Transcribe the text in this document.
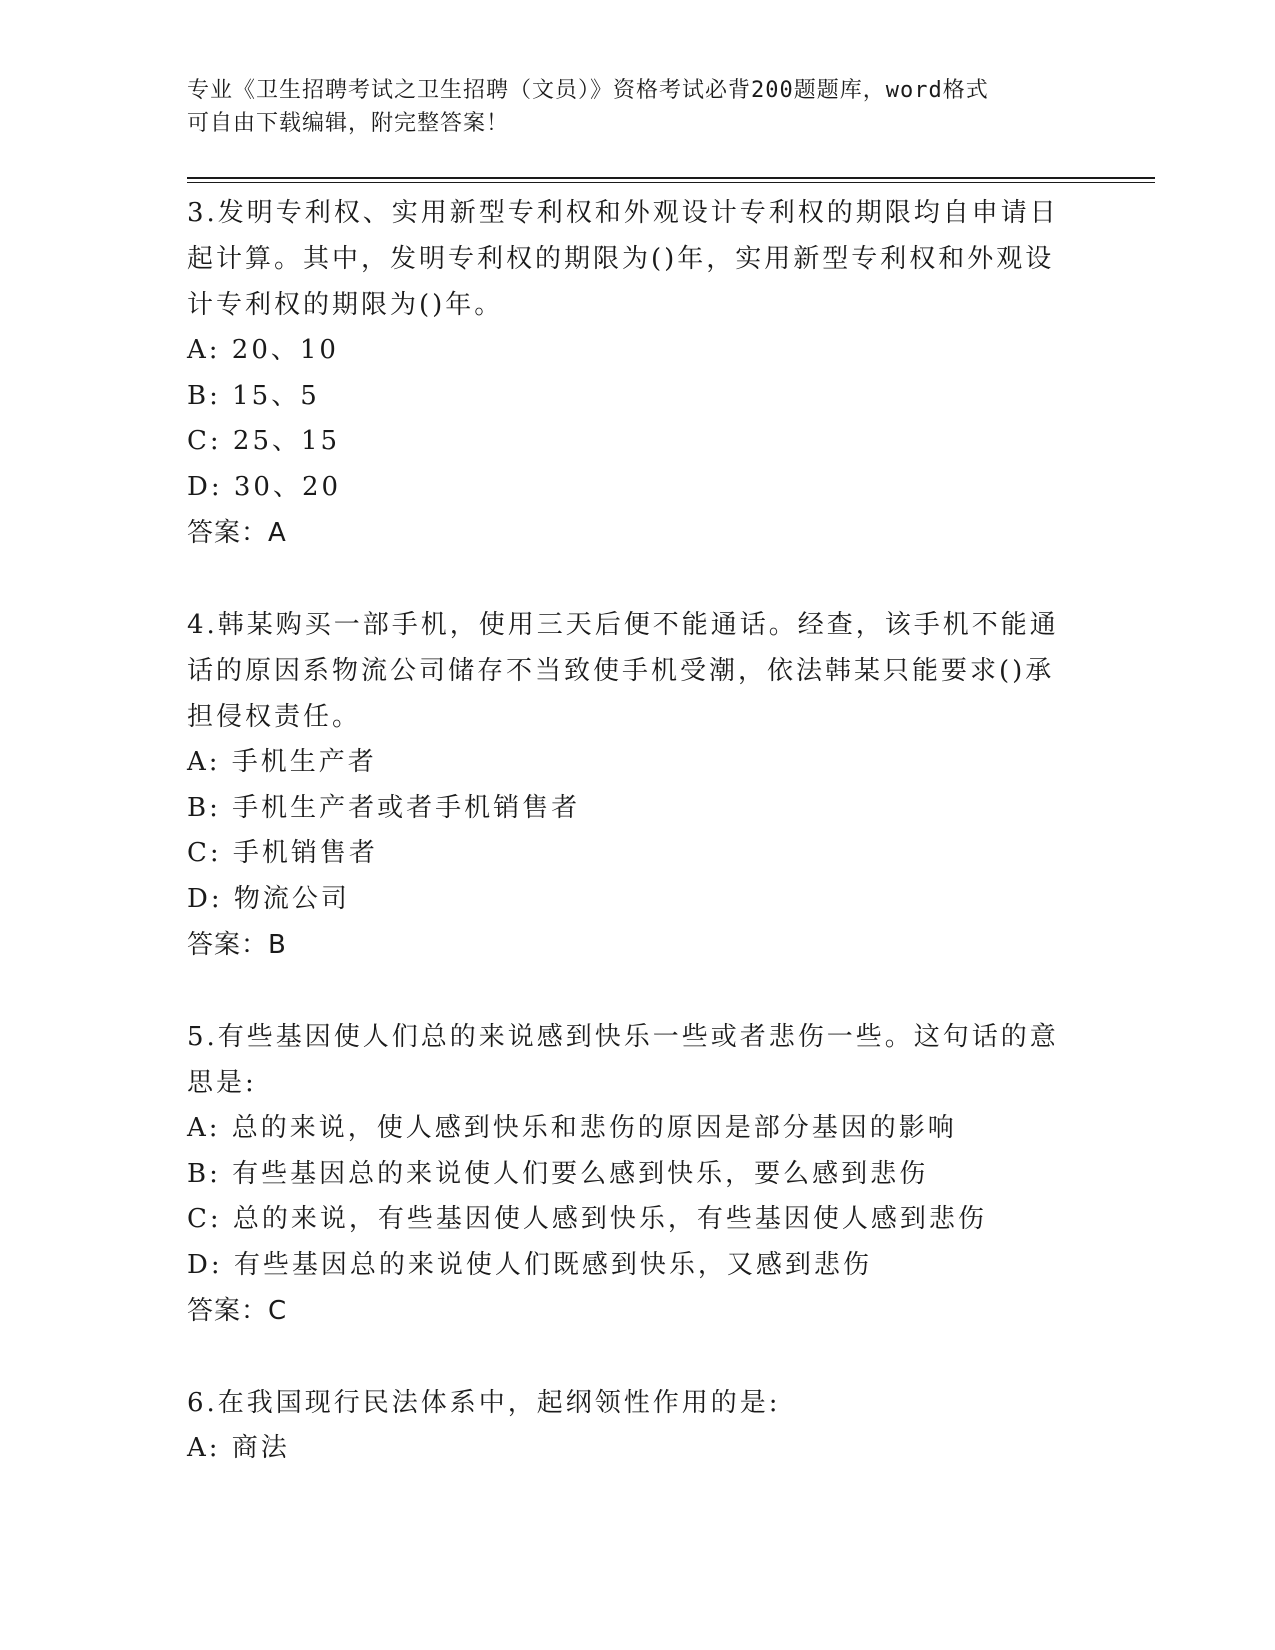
专业《卫生招聘考试之卫生招聘（文员）》资格考试必背200题题库，word格式
可自由下载编辑，附完整答案！
3.发明专利权、实用新型专利权和外观设计专利权的期限均自申请日
起计算。其中，发明专利权的期限为()年，实用新型专利权和外观设
计专利权的期限为()年。
A: 20、10
B: 15、5
C: 25、15
D: 30、20
答案：A
4.韩某购买一部手机，使用三天后便不能通话。经查，该手机不能通
话的原因系物流公司储存不当致使手机受潮，依法韩某只能要求()承
担侵权责任。
A: 手机生产者
B: 手机生产者或者手机销售者
C: 手机销售者
D: 物流公司
答案：B
5.有些基因使人们总的来说感到快乐一些或者悲伤一些。这句话的意
思是:
A: 总的来说，使人感到快乐和悲伤的原因是部分基因的影响
B: 有些基因总的来说使人们要么感到快乐，要么感到悲伤
C: 总的来说，有些基因使人感到快乐，有些基因使人感到悲伤
D: 有些基因总的来说使人们既感到快乐，又感到悲伤
答案：C
6.在我国现行民法体系中，起纲领性作用的是:
A: 商法
